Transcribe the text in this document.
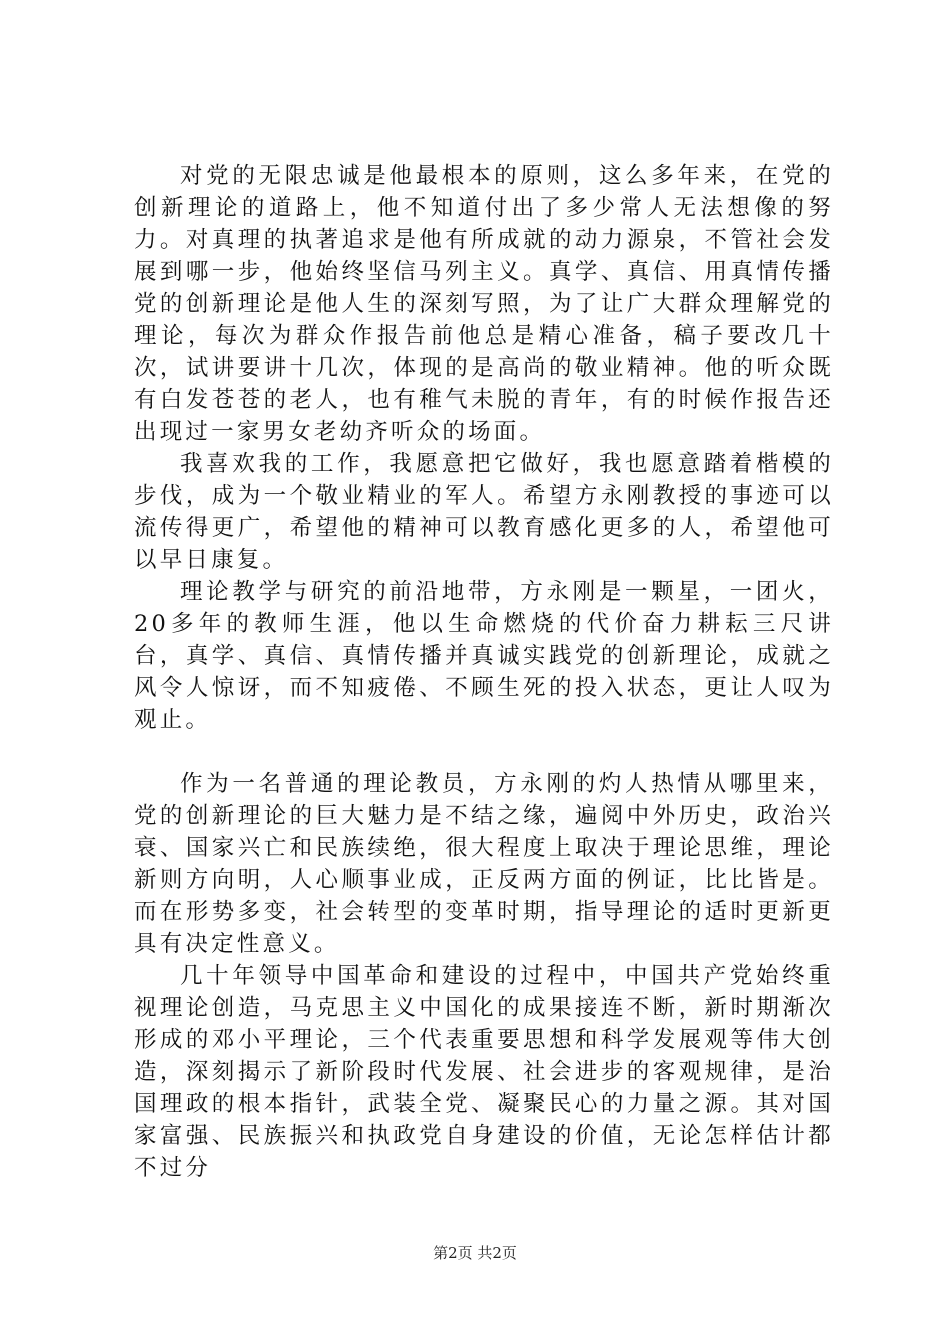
对党的无限忠诚是他最根本的原则，这么多年来，在党的创新理论的道路上，他不知道付出了多少常人无法想像的努力。对真理的执著追求是他有所成就的动力源泉，不管社会发展到哪一步，他始终坚信马列主义。真学、真信、用真情传播党的创新理论是他人生的深刻写照，为了让广大群众理解党的理论，每次为群众作报告前他总是精心准备，稿子要改几十次，试讲要讲十几次，体现的是高尚的敬业精神。他的听众既有白发苍苍的老人，也有稚气未脱的青年，有的时候作报告还出现过一家男女老幼齐听众的场面。

我喜欢我的工作，我愿意把它做好，我也愿意踏着楷模的步伐，成为一个敬业精业的军人。希望方永刚教授的事迹可以流传得更广，希望他的精神可以教育感化更多的人，希望他可以早日康复。

理论教学与研究的前沿地带，方永刚是一颗星，一团火，20多年的教师生涯，他以生命燃烧的代价奋力耕耘三尺讲台，真学、真信、真情传播并真诚实践党的创新理论，成就之风令人惊讶，而不知疲倦、不顾生死的投入状态，更让人叹为观止。

作为一名普通的理论教员，方永刚的灼人热情从哪里来，党的创新理论的巨大魅力是不结之缘，遍阅中外历史，政治兴衰、国家兴亡和民族续绝，很大程度上取决于理论思维，理论新则方向明，人心顺事业成，正反两方面的例证，比比皆是。而在形势多变，社会转型的变革时期，指导理论的适时更新更具有决定性意义。

几十年领导中国革命和建设的过程中，中国共产党始终重视理论创造，马克思主义中国化的成果接连不断，新时期渐次形成的邓小平理论，三个代表重要思想和科学发展观等伟大创造，深刻揭示了新阶段时代发展、社会进步的客观规律，是治国理政的根本指针，武装全党、凝聚民心的力量之源。其对国家富强、民族振兴和执政党自身建设的价值，无论怎样估计都不过分

第2页 共2页
